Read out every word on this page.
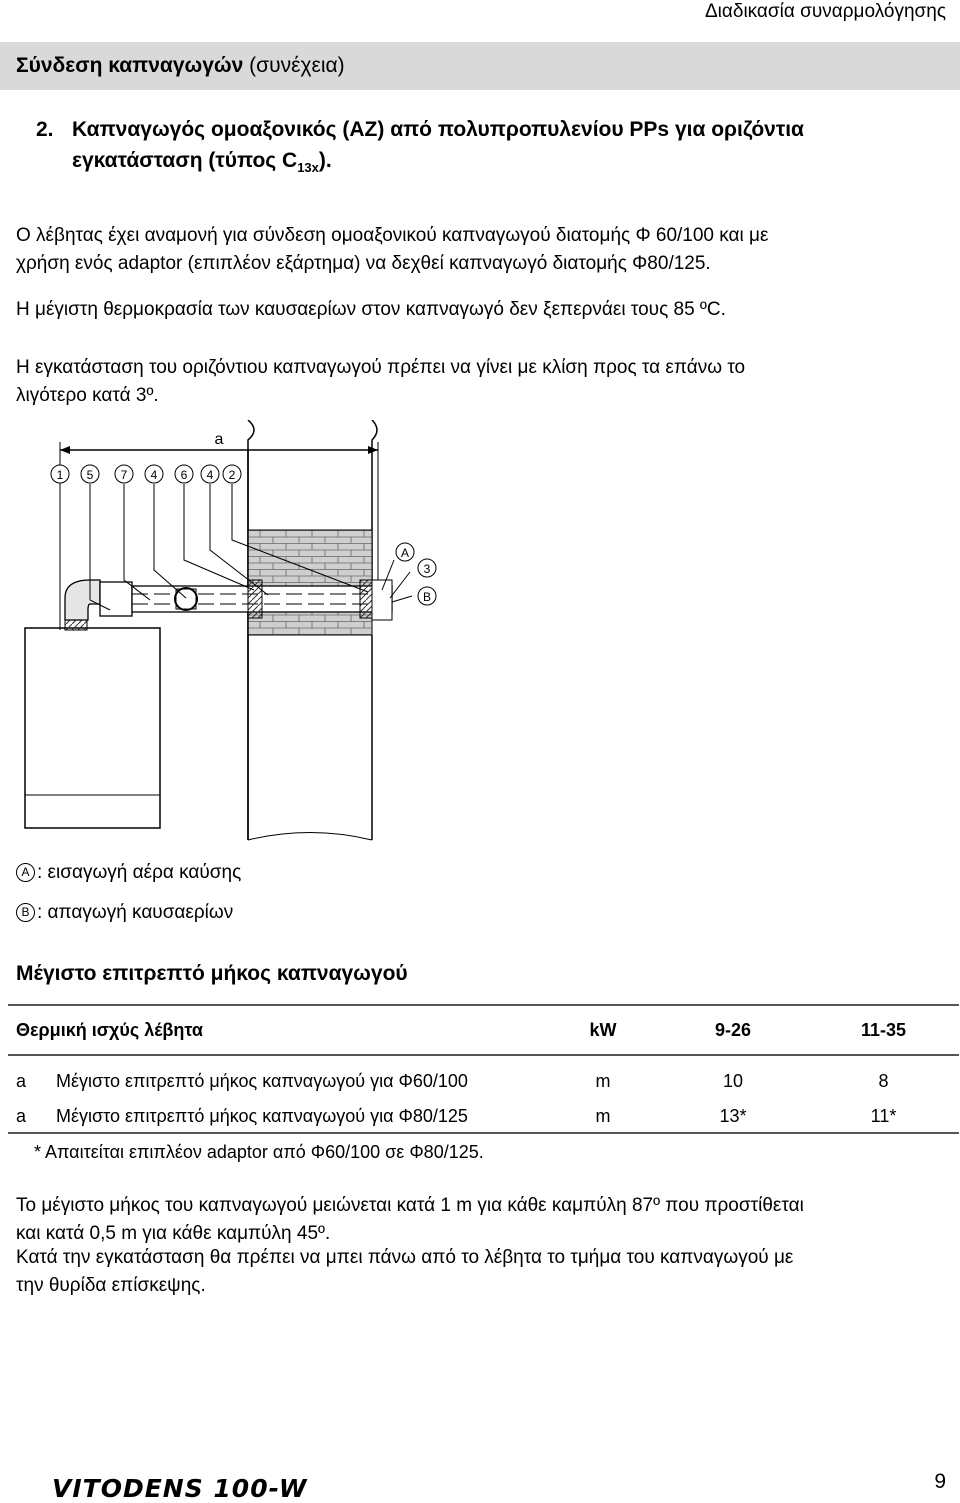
Διαδικασία συναρμολόγησης
Σύνδεση καπναγωγών (συνέχεια)
2. Καπναγωγός ομοαξονικός (ΑΖ) από πολυπροπυλενίου PPs για οριζόντια
εγκατάσταση (τύπος $C_{13x}$).
Ο λέβητας έχει αναμονή για σύνδεση ομοαξονικού καπναγωγού διατομής Φ 60/100 και με
χρήση ενός adaptor (επιπλέον εξάρτημα) να δεχθεί καπναγωγό διατομής Φ80/125.
Η μέγιστη θερμοκρασία των καυσαερίων στον καπναγωγό δεν ξεπερνάει τους 85 ºC.
Η εγκατάσταση του οριζόντιου καπναγωγού πρέπει να γίνει με κλίση προς τα επάνω το
λιγότερο κατά 3º.
a
1 5 7 4 6 4 2
A
3
B
A : εισαγωγή αέρα καύσης
B : απαγωγή καυσαερίων
Μέγιστο επιτρεπτό μήκος καπναγωγού
Θερμική ισχύς λέβητα		kW	9-26	11-35
a	Μέγιστο επιτρεπτό μήκος καπναγωγού για Φ60/100	m	10	8
a	Μέγιστο επιτρεπτό μήκος καπναγωγού για Φ80/125	m	13*	11*
* Απαιτείται επιπλέον adaptor από Φ60/100 σε Φ80/125.
Το μέγιστο μήκος του καπναγωγού μειώνεται κατά 1 m για κάθε καμπύλη 87º που προστίθεται
και κατά 0,5 m για κάθε καμπύλη 45º.
Κατά την εγκατάσταση θα πρέπει να μπει πάνω από το λέβητα το τμήμα του καπναγωγού με
την θυρίδα επίσκεψης.
VITODENS 100-W	9
